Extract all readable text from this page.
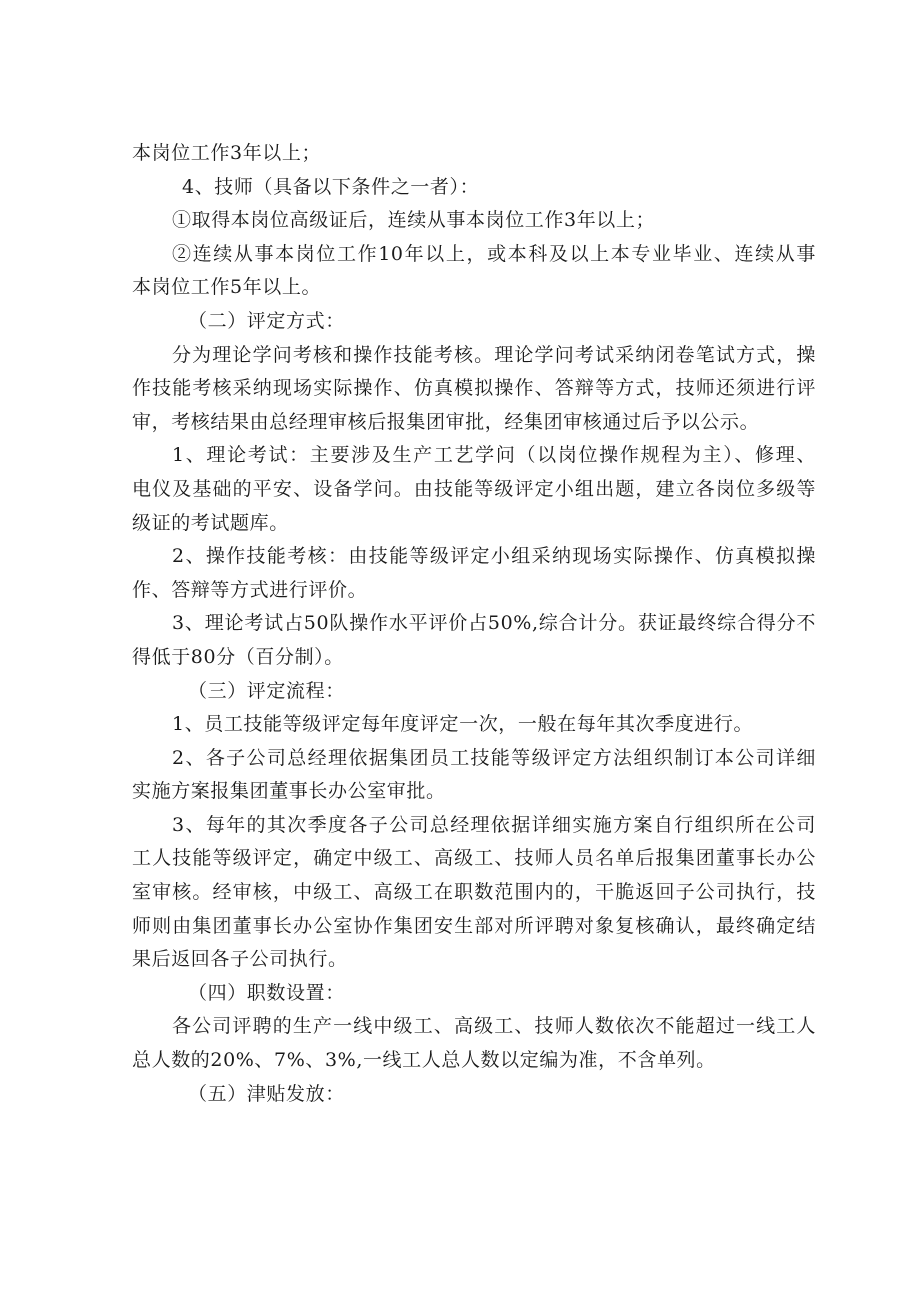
本岗位工作3年以上；
4、技师（具备以下条件之一者）：
①取得本岗位高级证后，连续从事本岗位工作3年以上；
②连续从事本岗位工作10年以上，或本科及以上本专业毕业、连续从事
本岗位工作5年以上。
（二）评定方式：
分为理论学问考核和操作技能考核。理论学问考试采纳闭卷笔试方式，操
作技能考核采纳现场实际操作、仿真模拟操作、答辩等方式，技师还须进行评
审，考核结果由总经理审核后报集团审批，经集团审核通过后予以公示。
1、理论考试：主要涉及生产工艺学问（以岗位操作规程为主）、修理、
电仪及基础的平安、设备学问。由技能等级评定小组出题，建立各岗位多级等
级证的考试题库。
2、操作技能考核：由技能等级评定小组采纳现场实际操作、仿真模拟操
作、答辩等方式进行评价。
3、理论考试占50队操作水平评价占50%,综合计分。获证最终综合得分不
得低于80分（百分制）。
（三）评定流程：
1、员工技能等级评定每年度评定一次，一般在每年其次季度进行。
2、各子公司总经理依据集团员工技能等级评定方法组织制订本公司详细
实施方案报集团董事长办公室审批。
3、每年的其次季度各子公司总经理依据详细实施方案自行组织所在公司
工人技能等级评定，确定中级工、高级工、技师人员名单后报集团董事长办公
室审核。经审核，中级工、高级工在职数范围内的，干脆返回子公司执行，技
师则由集团董事长办公室协作集团安生部对所评聘对象复核确认，最终确定结
果后返回各子公司执行。
（四）职数设置：
各公司评聘的生产一线中级工、高级工、技师人数依次不能超过一线工人
总人数的20%、7%、3%,一线工人总人数以定编为准，不含单列。
（五）津贴发放：
